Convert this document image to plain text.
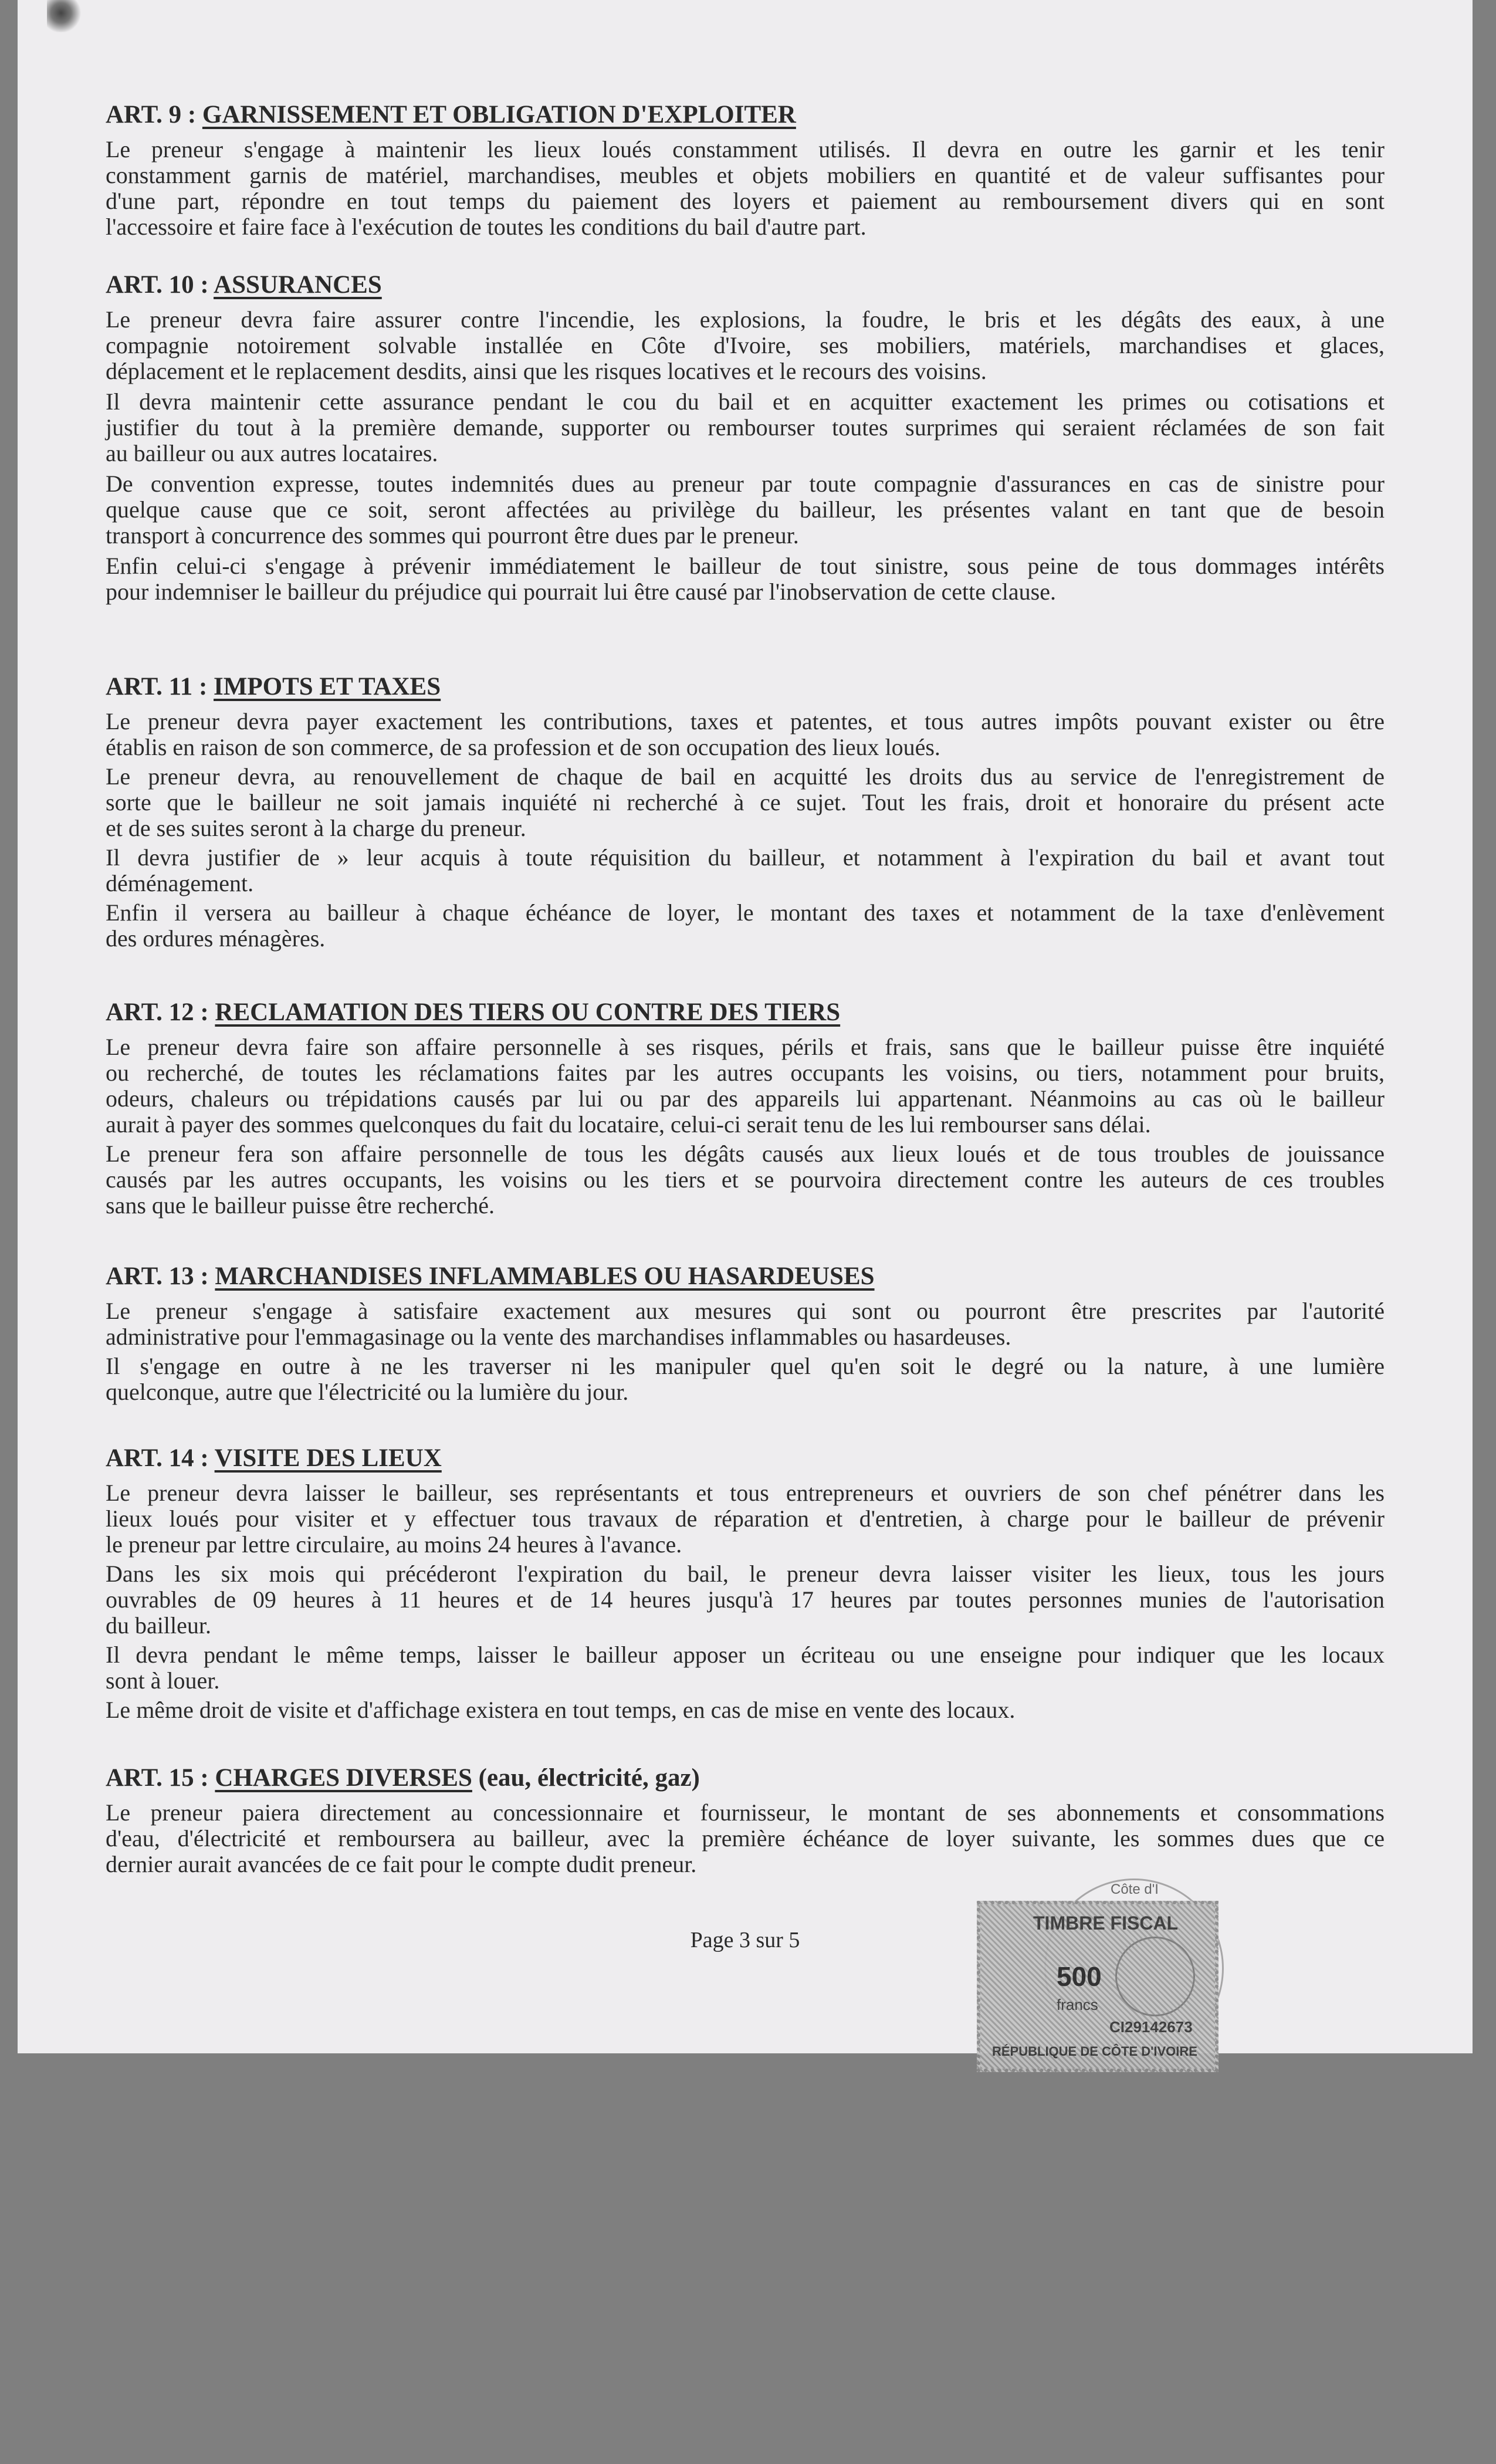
ART. 9 : GARNISSEMENT ET OBLIGATION D'EXPLOITER
Le preneur s'engage à maintenir les lieux loués constamment utilisés. Il devra en outre les garnir et les tenir
constamment garnis de matériel, marchandises, meubles et objets mobiliers en quantité et de valeur suffisantes pour
d'une part, répondre en tout temps du paiement des loyers et paiement au remboursement divers qui en sont
l'accessoire et faire face à l'exécution de toutes les conditions du bail d'autre part.
ART. 10 : ASSURANCES
Le preneur devra faire assurer contre l'incendie, les explosions, la foudre, le bris et les dégâts des eaux, à une
compagnie notoirement solvable installée en Côte d'Ivoire, ses mobiliers, matériels, marchandises et glaces,
déplacement et le replacement desdits, ainsi que les risques locatives et le recours des voisins.
Il devra maintenir cette assurance pendant le cou du bail et en acquitter exactement les primes ou cotisations et
justifier du tout à la première demande, supporter ou rembourser toutes surprimes qui seraient réclamées de son fait
au bailleur ou aux autres locataires.
De convention expresse, toutes indemnités dues au preneur par toute compagnie d'assurances en cas de sinistre pour
quelque cause que ce soit, seront affectées au privilège du bailleur, les présentes valant en tant que de besoin
transport à concurrence des sommes qui pourront être dues par le preneur.
Enfin celui-ci s'engage à prévenir immédiatement le bailleur de tout sinistre, sous peine de tous dommages intérêts
pour indemniser le bailleur du préjudice qui pourrait lui être causé par l'inobservation de cette clause.
ART. 11 : IMPOTS ET TAXES
Le preneur devra payer exactement les contributions, taxes et patentes, et tous autres impôts pouvant exister ou être
établis en raison de son commerce, de sa profession et de son occupation des lieux loués.
Le preneur devra, au renouvellement de chaque de bail en acquitté les droits dus au service de l'enregistrement de
sorte que le bailleur ne soit jamais inquiété ni recherché à ce sujet. Tout les frais, droit et honoraire du présent acte
et de ses suites seront à la charge du preneur.
Il devra justifier de » leur acquis à toute réquisition du bailleur, et notamment à l'expiration du bail et avant tout
déménagement.
Enfin il versera au bailleur à chaque échéance de loyer, le montant des taxes et notamment de la taxe d'enlèvement
des ordures ménagères.
ART. 12 : RECLAMATION DES TIERS OU CONTRE DES TIERS
Le preneur devra faire son affaire personnelle à ses risques, périls et frais, sans que le bailleur puisse être inquiété
ou recherché, de toutes les réclamations faites par les autres occupants les voisins, ou tiers, notamment pour bruits,
odeurs, chaleurs ou trépidations causés par lui ou par des appareils lui appartenant. Néanmoins au cas où le bailleur
aurait à payer des sommes quelconques du fait du locataire, celui-ci serait tenu de les lui rembourser sans délai.
Le preneur fera son affaire personnelle de tous les dégâts causés aux lieux loués et de tous troubles de jouissance
causés par les autres occupants, les voisins ou les tiers et se pourvoira directement contre les auteurs de ces troubles
sans que le bailleur puisse être recherché.
ART. 13 : MARCHANDISES INFLAMMABLES OU HASARDEUSES
Le preneur s'engage à satisfaire exactement aux mesures qui sont ou pourront être prescrites par l'autorité
administrative pour l'emmagasinage ou la vente des marchandises inflammables ou hasardeuses.
Il s'engage en outre à ne les traverser ni les manipuler quel qu'en soit le degré ou la nature, à une lumière
quelconque, autre que l'électricité ou la lumière du jour.
ART. 14 : VISITE DES LIEUX
Le preneur devra laisser le bailleur, ses représentants et tous entrepreneurs et ouvriers de son chef pénétrer dans les
lieux loués pour visiter et y effectuer tous travaux de réparation et d'entretien, à charge pour le bailleur de prévenir
le preneur par lettre circulaire, au moins 24 heures à l'avance.
Dans les six mois qui précéderont l'expiration du bail, le preneur devra laisser visiter les lieux, tous les jours
ouvrables de 09 heures à 11 heures et de 14 heures jusqu'à 17 heures par toutes personnes munies de l'autorisation
du bailleur.
Il devra pendant le même temps, laisser le bailleur apposer un écriteau ou une enseigne pour indiquer que les locaux
sont à louer.
Le même droit de visite et d'affichage existera en tout temps, en cas de mise en vente des locaux.
ART. 15 : CHARGES DIVERSES (eau, électricité, gaz)
Le preneur paiera directement au concessionnaire et fournisseur, le montant de ses abonnements et consommations
d'eau, d'électricité et remboursera au bailleur, avec la première échéance de loyer suivante, les sommes dues que ce
dernier aurait avancées de ce fait pour le compte dudit preneur.
Page 3 sur 5
Côte d'I
TIMBRE FISCAL
500
francs
CI29142673
RÉPUBLIQUE DE CÔTE D'IVOIRE
